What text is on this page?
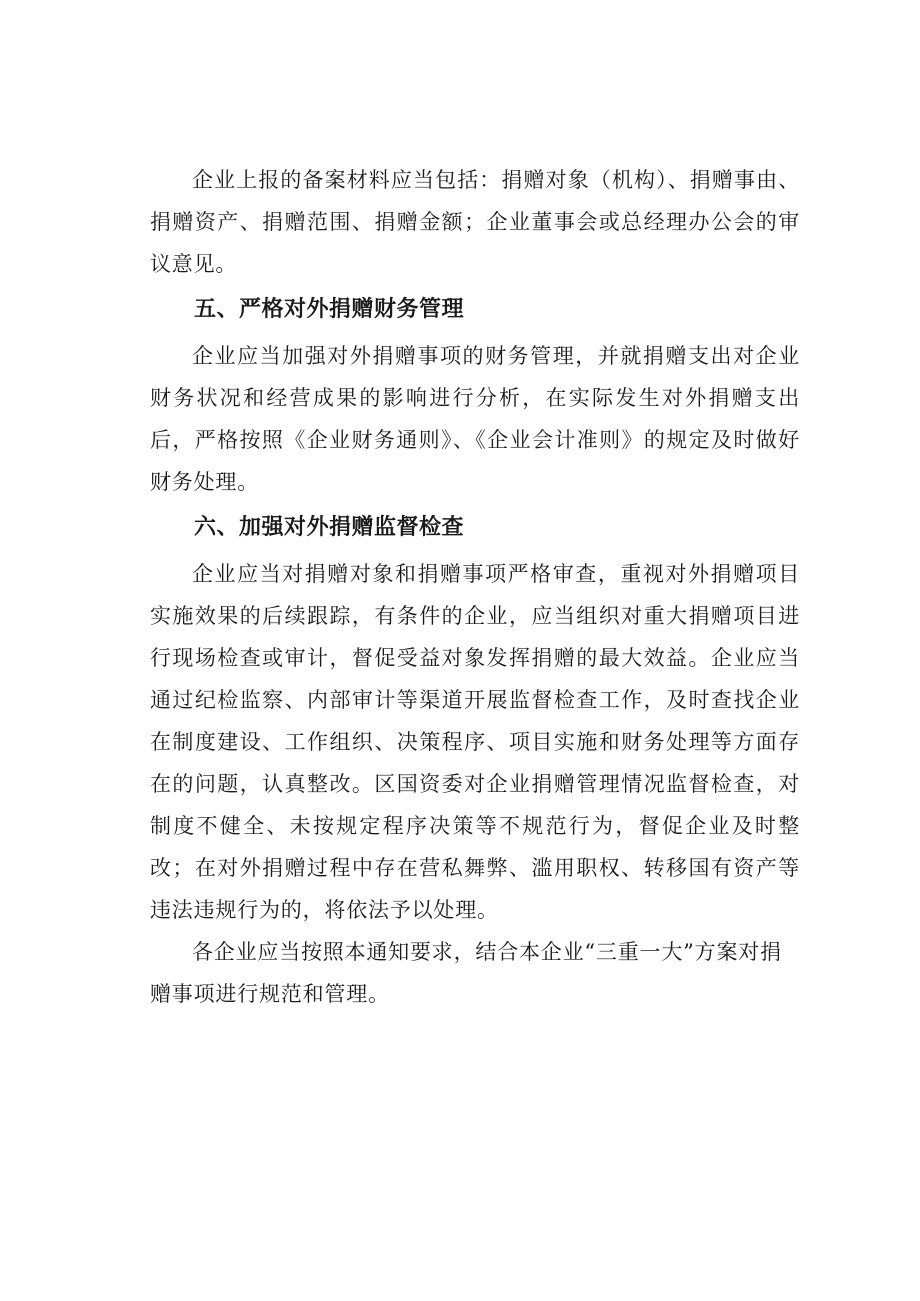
企业上报的备案材料应当包括：捐赠对象（机构）、捐赠事由、捐赠资产、捐赠范围、捐赠金额；企业董事会或总经理办公会的审议意见。

五、严格对外捐赠财务管理

企业应当加强对外捐赠事项的财务管理，并就捐赠支出对企业财务状况和经营成果的影响进行分析，在实际发生对外捐赠支出后，严格按照《企业财务通则》、《企业会计准则》的规定及时做好财务处理。

六、加强对外捐赠监督检查

企业应当对捐赠对象和捐赠事项严格审查，重视对外捐赠项目实施效果的后续跟踪，有条件的企业，应当组织对重大捐赠项目进行现场检查或审计，督促受益对象发挥捐赠的最大效益。企业应当通过纪检监察、内部审计等渠道开展监督检查工作，及时查找企业在制度建设、工作组织、决策程序、项目实施和财务处理等方面存在的问题，认真整改。区国资委对企业捐赠管理情况监督检查，对制度不健全、未按规定程序决策等不规范行为，督促企业及时整改；在对外捐赠过程中存在营私舞弊、滥用职权、转移国有资产等违法违规行为的，将依法予以处理。

各企业应当按照本通知要求，结合本企业“三重一大”方案对捐赠事项进行规范和管理。
